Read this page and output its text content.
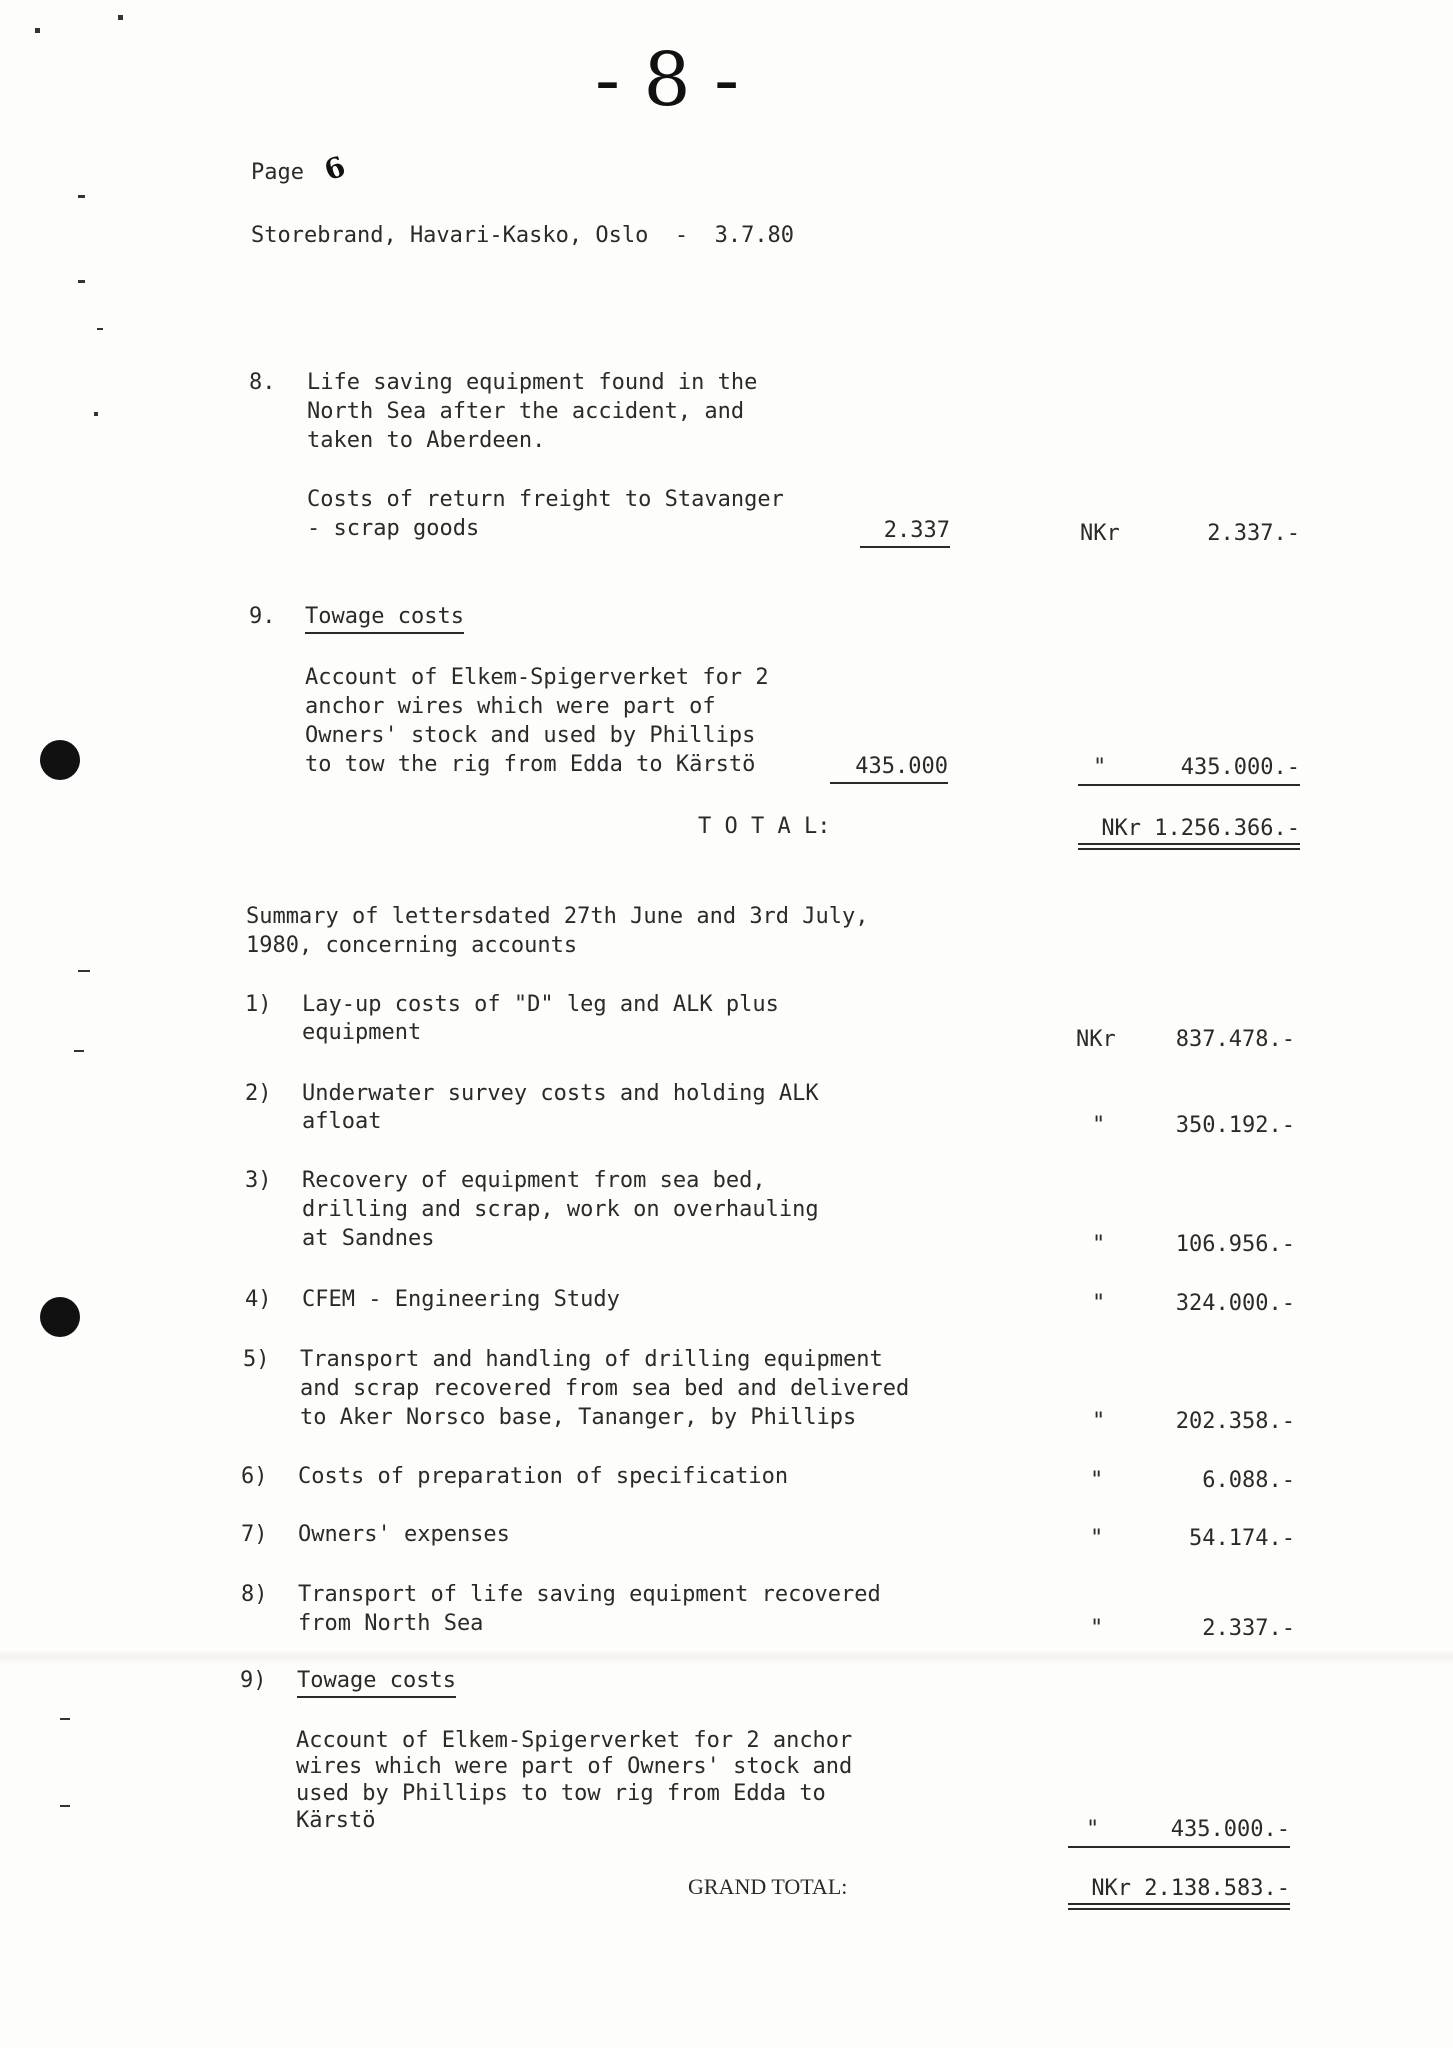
- 8 -
Page 6
Storebrand, Havari-Kasko, Oslo  -  3.7.80
8. Life saving equipment found in the
North Sea after the accident, and
taken to Aberdeen.
Costs of return freight to Stavanger
- scrap goods	2.337	NKr	2.337.-
9. Towage costs
Account of Elkem-Spigerverket for 2
anchor wires which were part of
Owners' stock and used by Phillips
to tow the rig from Edda to Kärstö	435.000	"	435.000.-
T O T A L:	NKr 1.256.366.-
Summary of lettersdated 27th June and 3rd July,
1980, concerning accounts
1) Lay-up costs of "D" leg and ALK plus
equipment	NKr	837.478.-
2) Underwater survey costs and holding ALK
afloat	"	350.192.-
3) Recovery of equipment from sea bed,
drilling and scrap, work on overhauling
at Sandnes	"	106.956.-
4) CFEM - Engineering Study	"	324.000.-
5) Transport and handling of drilling equipment
and scrap recovered from sea bed and delivered
to Aker Norsco base, Tananger, by Phillips	"	202.358.-
6) Costs of preparation of specification	"	6.088.-
7) Owners' expenses	"	54.174.-
8) Transport of life saving equipment recovered
from North Sea	"	2.337.-
9) Towage costs
Account of Elkem-Spigerverket for 2 anchor
wires which were part of Owners' stock and
used by Phillips to tow rig from Edda to
Kärstö	"	435.000.-
GRAND TOTAL:	NKr 2.138.583.-
